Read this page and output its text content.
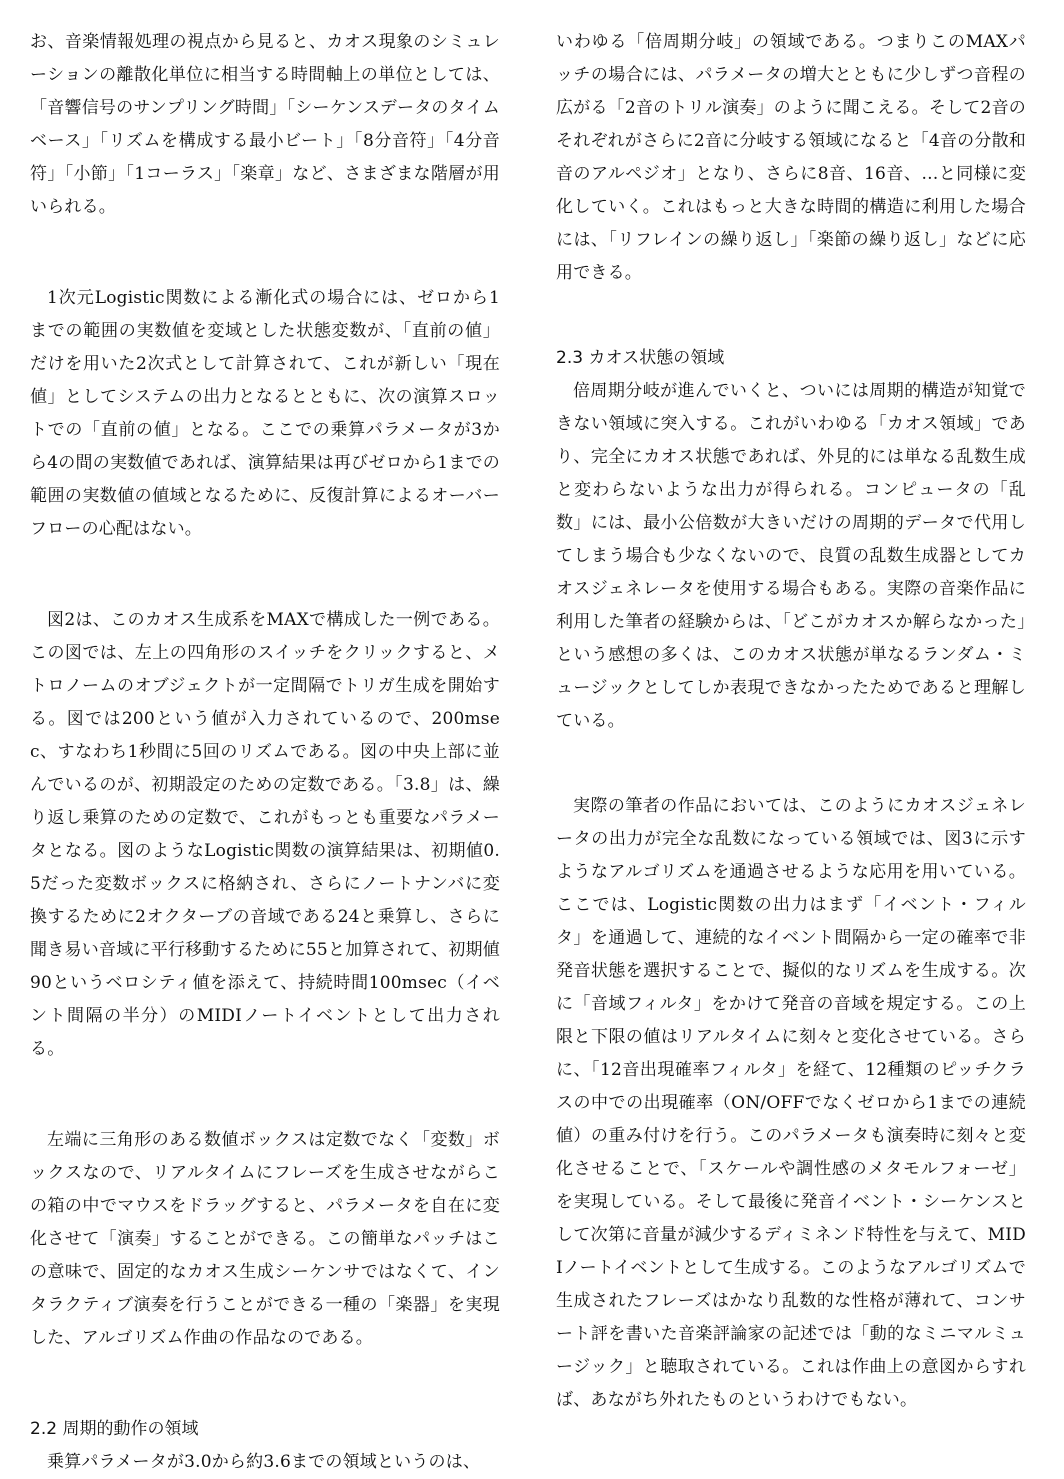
お、音楽情報処理の視点から見ると、カオス現象のシミュレーションの離散化単位に相当する時間軸上の単位としては、「音響信号のサンプリング時間」「シーケンスデータのタイムベース」「リズムを構成する最小ビート」「8分音符」「4分音符」「小節」「1コーラス」「楽章」など、さまざまな階層が用いられる。

1次元Logistic関数による漸化式の場合には、ゼロから1までの範囲の実数値を変域とした状態変数が、「直前の値」だけを用いた2次式として計算されて、これが新しい「現在値」としてシステムの出力となるとともに、次の演算スロットでの「直前の値」となる。ここでの乗算パラメータが3から4の間の実数値であれば、演算結果は再びゼロから1までの範囲の実数値の値域となるために、反復計算によるオーバーフローの心配はない。

図2は、このカオス生成系をMAXで構成した一例である。この図では、左上の四角形のスイッチをクリックすると、メトロノームのオブジェクトが一定間隔でトリガ生成を開始する。図では200という値が入力されているので、200msec、すなわち1秒間に5回のリズムである。図の中央上部に並んでいるのが、初期設定のための定数である。「3.8」は、繰り返し乗算のための定数で、これがもっとも重要なパラメータとなる。図のようなLogistic関数の演算結果は、初期値0.5だった変数ボックスに格納され、さらにノートナンバに変換するために2オクターブの音域である24と乗算し、さらに聞き易い音域に平行移動するために55と加算されて、初期値90というベロシティ値を添えて、持続時間100msec（イベント間隔の半分）のMIDIノートイベントとして出力される。

左端に三角形のある数値ボックスは定数でなく「変数」ボックスなので、リアルタイムにフレーズを生成させながらこの箱の中でマウスをドラッグすると、パラメータを自在に変化させて「演奏」することができる。この簡単なパッチはこの意味で、固定的なカオス生成シーケンサではなくて、インタラクティブ演奏を行うことができる一種の「楽器」を実現した、アルゴリズム作曲の作品なのである。

2.2 周期的動作の領域

乗算パラメータが3.0から約3.6までの領域というのは、

いわゆる「倍周期分岐」の領域である。つまりこのMAXパッチの場合には、パラメータの増大とともに少しずつ音程の広がる「2音のトリル演奏」のように聞こえる。そして2音のそれぞれがさらに2音に分岐する領域になると「4音の分散和音のアルペジオ」となり、さらに8音、16音、…と同様に変化していく。これはもっと大きな時間的構造に利用した場合には、「リフレインの繰り返し」「楽節の繰り返し」などに応用できる。

2.3 カオス状態の領域

倍周期分岐が進んでいくと、ついには周期的構造が知覚できない領域に突入する。これがいわゆる「カオス領域」であり、完全にカオス状態であれば、外見的には単なる乱数生成と変わらないような出力が得られる。コンピュータの「乱数」には、最小公倍数が大きいだけの周期的データで代用してしまう場合も少なくないので、良質の乱数生成器としてカオスジェネレータを使用する場合もある。実際の音楽作品に利用した筆者の経験からは、「どこがカオスか解らなかった」という感想の多くは、このカオス状態が単なるランダム・ミュージックとしてしか表現できなかったためであると理解している。

実際の筆者の作品においては、このようにカオスジェネレータの出力が完全な乱数になっている領域では、図3に示すようなアルゴリズムを通過させるような応用を用いている。ここでは、Logistic関数の出力はまず「イベント・フィルタ」を通過して、連続的なイベント間隔から一定の確率で非発音状態を選択することで、擬似的なリズムを生成する。次に「音域フィルタ」をかけて発音の音域を規定する。この上限と下限の値はリアルタイムに刻々と変化させている。さらに、「12音出現確率フィルタ」を経て、12種類のピッチクラスの中での出現確率（ON/OFFでなくゼロから1までの連続値）の重み付けを行う。このパラメータも演奏時に刻々と変化させることで、「スケールや調性感のメタモルフォーゼ」を実現している。そして最後に発音イベント・シーケンスとして次第に音量が減少するディミネンド特性を与えて、MIDIノートイベントとして生成する。このようなアルゴリズムで生成されたフレーズはかなり乱数的な性格が薄れて、コンサート評を書いた音楽評論家の記述では「動的なミニマルミュージック」と聴取されている。これは作曲上の意図からすれば、あながち外れたものというわけでもない。
